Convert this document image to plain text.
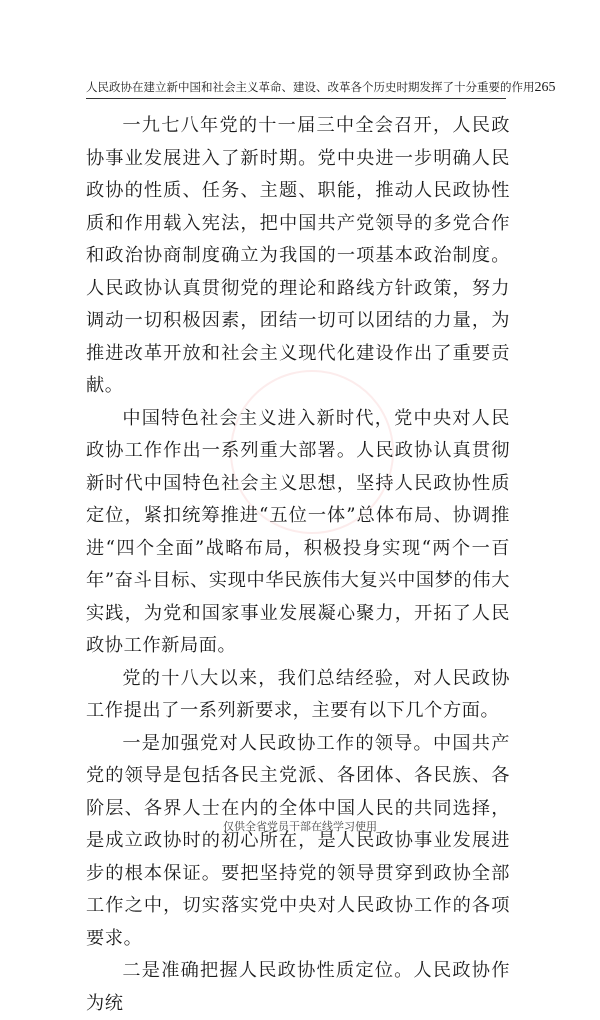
人民政协在建立新中国和社会主义革命、建设、改革各个历史时期发挥了十分重要的作用 265

一九七八年党的十一届三中全会召开，人民政协事业发展进入了新时期。党中央进一步明确人民政协的性质、任务、主题、职能，推动人民政协性质和作用载入宪法，把中国共产党领导的多党合作和政治协商制度确立为我国的一项基本政治制度。人民政协认真贯彻党的理论和路线方针政策，努力调动一切积极因素，团结一切可以团结的力量，为推进改革开放和社会主义现代化建设作出了重要贡献。

中国特色社会主义进入新时代，党中央对人民政协工作作出一系列重大部署。人民政协认真贯彻新时代中国特色社会主义思想，坚持人民政协性质定位，紧扣统筹推进“五位一体”总体布局、协调推进“四个全面”战略布局，积极投身实现“两个一百年”奋斗目标、实现中华民族伟大复兴中国梦的伟大实践，为党和国家事业发展凝心聚力，开拓了人民政协工作新局面。

党的十八大以来，我们总结经验，对人民政协工作提出了一系列新要求，主要有以下几个方面。

一是加强党对人民政协工作的领导。中国共产党的领导是包括各民主党派、各团体、各民族、各阶层、各界人士在内的全体中国人民的共同选择，是成立政协时的初心所在，是人民政协事业发展进步的根本保证。要把坚持党的领导贯穿到政协全部工作之中，切实落实党中央对人民政协工作的各项要求。

二是准确把握人民政协性质定位。人民政协作为统

仅供全省党员干部在线学习使用
